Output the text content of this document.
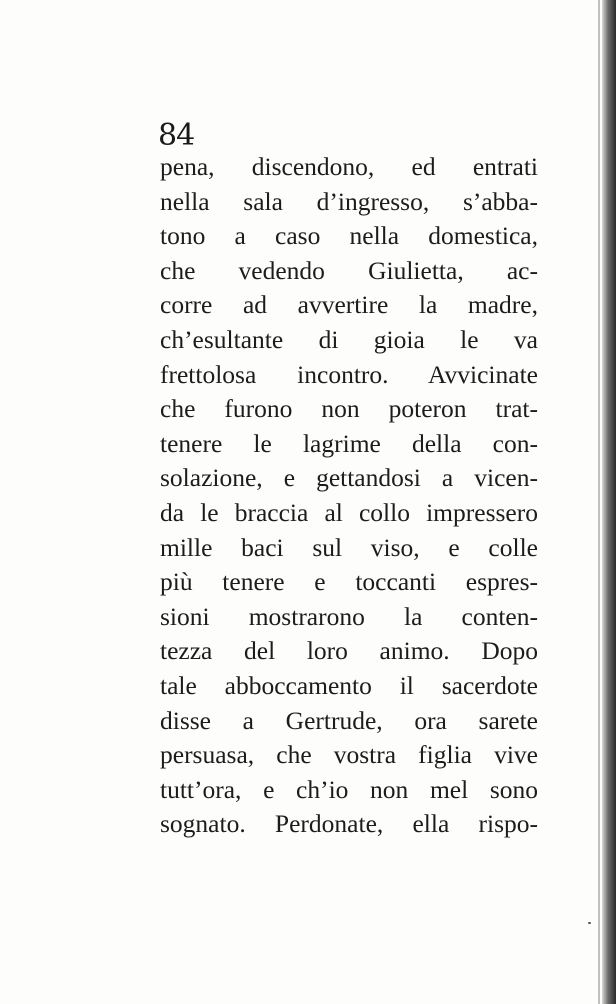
84
pena, discendono, ed entrati
nella sala d’ingresso, s’abba-
tono a caso nella domestica,
che vedendo Giulietta, ac-
corre ad avvertire la madre,
ch’esultante di gioia le va
frettolosa incontro. Avvicinate
che furono non poteron trat-
tenere le lagrime della con-
solazione, e gettandosi a vicen-
da le braccia al collo impressero
mille baci sul viso, e colle
più tenere e toccanti espres-
sioni mostrarono la conten-
tezza del loro animo. Dopo
tale abboccamento il sacerdote
disse a Gertrude, ora sarete
persuasa, che vostra figlia vive
tutt’ora, e ch’io non mel sono
sognato. Perdonate, ella rispo-
